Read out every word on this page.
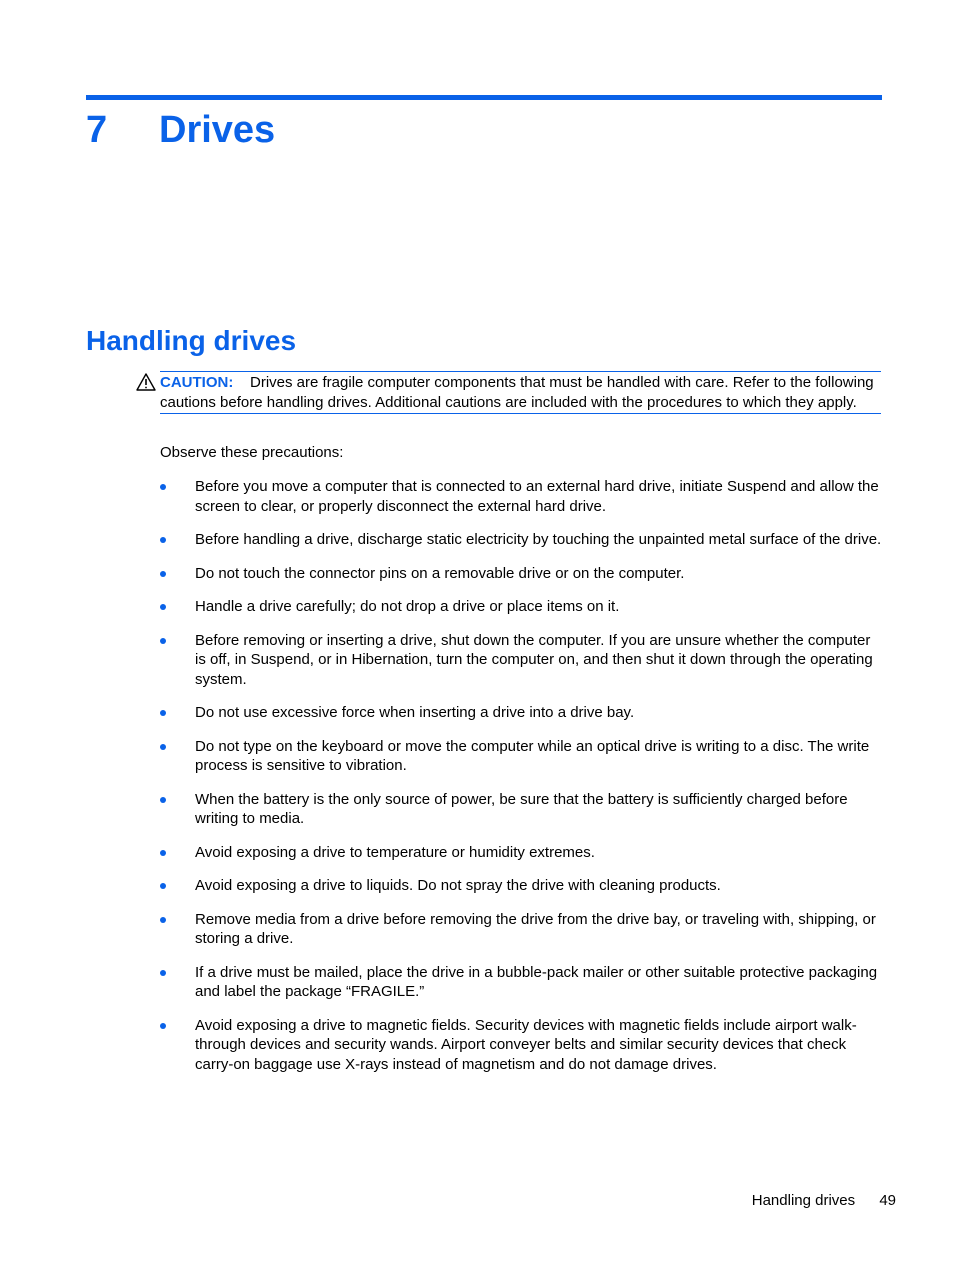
7 Drives
Handling drives

CAUTION: Drives are fragile computer components that must be handled with care. Refer to the following cautions before handling drives. Additional cautions are included with the procedures to which they apply.

Observe these precautions:
Before you move a computer that is connected to an external hard drive, initiate Suspend and allow the screen to clear, or properly disconnect the external hard drive.
Before handling a drive, discharge static electricity by touching the unpainted metal surface of the drive.
Do not touch the connector pins on a removable drive or on the computer.
Handle a drive carefully; do not drop a drive or place items on it.
Before removing or inserting a drive, shut down the computer. If you are unsure whether the computer is off, in Suspend, or in Hibernation, turn the computer on, and then shut it down through the operating system.
Do not use excessive force when inserting a drive into a drive bay.
Do not type on the keyboard or move the computer while an optical drive is writing to a disc. The write process is sensitive to vibration.
When the battery is the only source of power, be sure that the battery is sufficiently charged before writing to media.
Avoid exposing a drive to temperature or humidity extremes.
Avoid exposing a drive to liquids. Do not spray the drive with cleaning products.
Remove media from a drive before removing the drive from the drive bay, or traveling with, shipping, or storing a drive.
If a drive must be mailed, place the drive in a bubble-pack mailer or other suitable protective packaging and label the package “FRAGILE.”
Avoid exposing a drive to magnetic fields. Security devices with magnetic fields include airport walk-through devices and security wands. Airport conveyer belts and similar security devices that check carry-on baggage use X-rays instead of magnetism and do not damage drives.
Handling drives 49
